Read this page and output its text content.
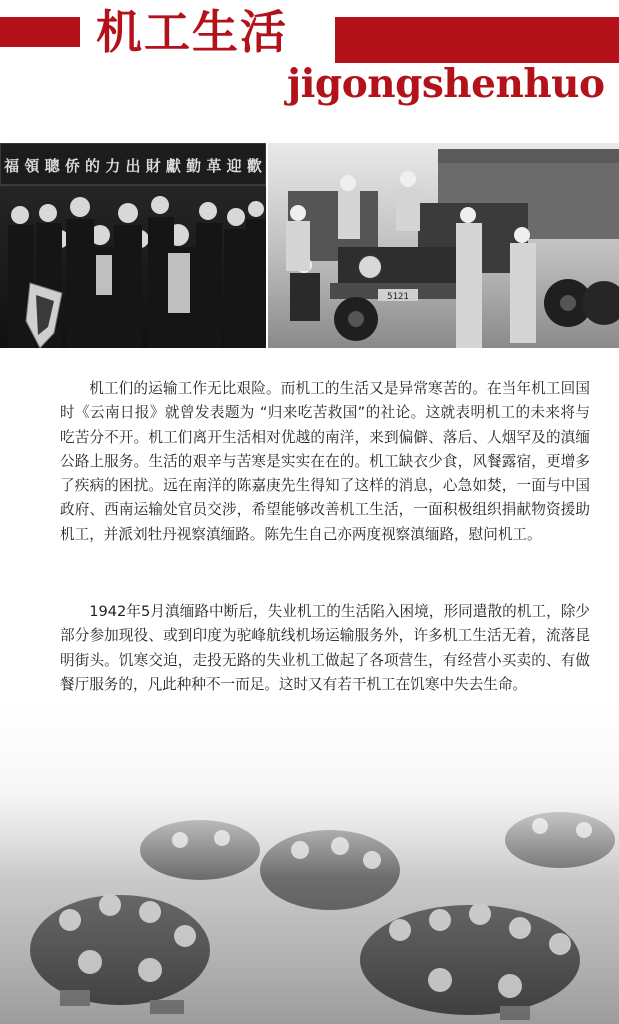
机工生活
jigongshenhuo
福 領 聰 侨 的 力 出 財 獻 勤 革 迎 歡
5121

机工们的运输工作无比艰险。而机工的生活又是异常寒苦的。在当年机工回国时《云南日报》就曾发表题为 “归来吃苦救国”的社论。这就表明机工的未来将与吃苦分不开。机工们离开生活相对优越的南洋，来到偏僻、落后、人烟罕及的滇缅公路上服务。生活的艰辛与苦寒是实实在在的。机工缺衣少食，风餐露宿，更增多了疾病的困扰。远在南洋的陈嘉庚先生得知了这样的消息，心急如焚，一面与中国政府、西南运输处官员交涉，希望能够改善机工生活，一面积极组织捐献物资援助机工，并派刘牡丹视察滇缅路。陈先生自己亦两度视察滇缅路，慰问机工。

1942年5月滇缅路中断后，失业机工的生活陷入困境，形同遣散的机工，除少部分参加现役、或到印度为驼峰航线机场运输服务外，许多机工生活无着，流落昆明街头。饥寒交迫，走投无路的失业机工做起了各项营生，有经营小买卖的、有做餐厅服务的，凡此种种不一而足。这时又有若干机工在饥寒中失去生命。
